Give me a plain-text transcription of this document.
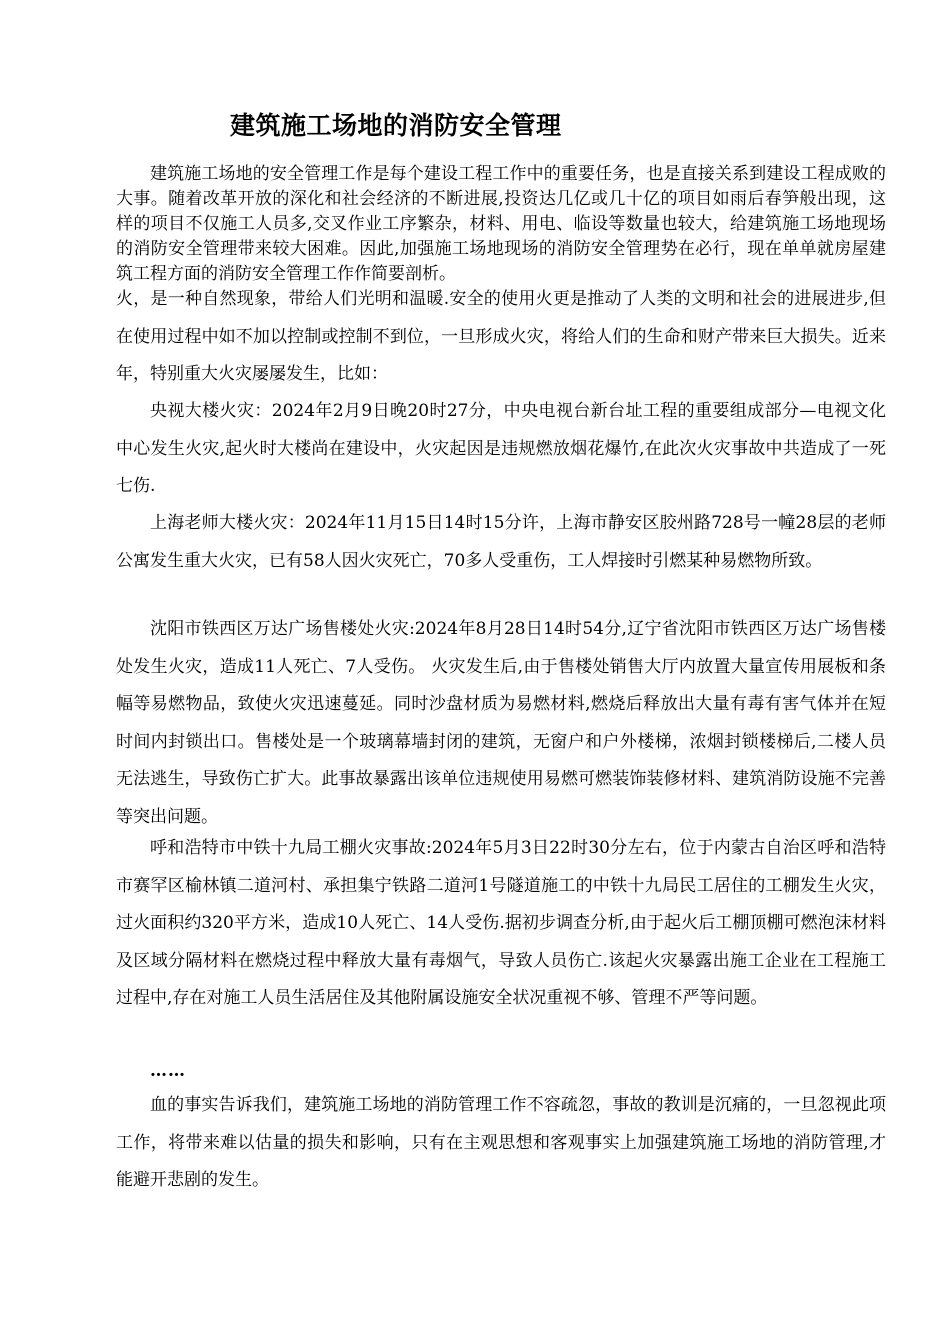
建筑施工场地的消防安全管理

建筑施工场地的安全管理工作是每个建设工程工作中的重要任务，也是直接关系到建设工程成败的大事。随着改革开放的深化和社会经济的不断进展,投资达几亿或几十亿的项目如雨后春笋般出现，这样的项目不仅施工人员多,交叉作业工序繁杂，材料、用电、临设等数量也较大，给建筑施工场地现场的消防安全管理带来较大困难。因此,加强施工场地现场的消防安全管理势在必行，现在单单就房屋建筑工程方面的消防安全管理工作作简要剖析。

火，是一种自然现象，带给人们光明和温暖.安全的使用火更是推动了人类的文明和社会的进展进步,但在使用过程中如不加以控制或控制不到位，一旦形成火灾，将给人们的生命和财产带来巨大损失。近来年，特别重大火灾屡屡发生，比如：

央视大楼火灾：2024年2月9日晚20时27分，中央电视台新台址工程的重要组成部分—电视文化中心发生火灾,起火时大楼尚在建设中，火灾起因是违规燃放烟花爆竹,在此次火灾事故中共造成了一死七伤.

上海老师大楼火灾：2024年11月15日14时15分许，上海市静安区胶州路728号一幢28层的老师公寓发生重大火灾，已有58人因火灾死亡，70多人受重伤，工人焊接时引燃某种易燃物所致。

沈阳市铁西区万达广场售楼处火灾:2024年8月28日14时54分,辽宁省沈阳市铁西区万达广场售楼处发生火灾，造成11人死亡、7人受伤。 火灾发生后,由于售楼处销售大厅内放置大量宣传用展板和条幅等易燃物品，致使火灾迅速蔓延。同时沙盘材质为易燃材料,燃烧后释放出大量有毒有害气体并在短时间内封锁出口。售楼处是一个玻璃幕墙封闭的建筑，无窗户和户外楼梯，浓烟封锁楼梯后,二楼人员无法逃生，导致伤亡扩大。此事故暴露出该单位违规使用易燃可燃装饰装修材料、建筑消防设施不完善等突出问题。

呼和浩特市中铁十九局工棚火灾事故:2024年5月3日22时30分左右，位于内蒙古自治区呼和浩特市赛罕区榆林镇二道河村、承担集宁铁路二道河1号隧道施工的中铁十九局民工居住的工棚发生火灾，过火面积约320平方米，造成10人死亡、14人受伤.据初步调查分析,由于起火后工棚顶棚可燃泡沫材料及区域分隔材料在燃烧过程中释放大量有毒烟气，导致人员伤亡.该起火灾暴露出施工企业在工程施工过程中,存在对施工人员生活居住及其他附属设施安全状况重视不够、管理不严等问题。

……

血的事实告诉我们，建筑施工场地的消防管理工作不容疏忽，事故的教训是沉痛的，一旦忽视此项工作，将带来难以估量的损失和影响，只有在主观思想和客观事实上加强建筑施工场地的消防管理,才能避开悲剧的发生。
